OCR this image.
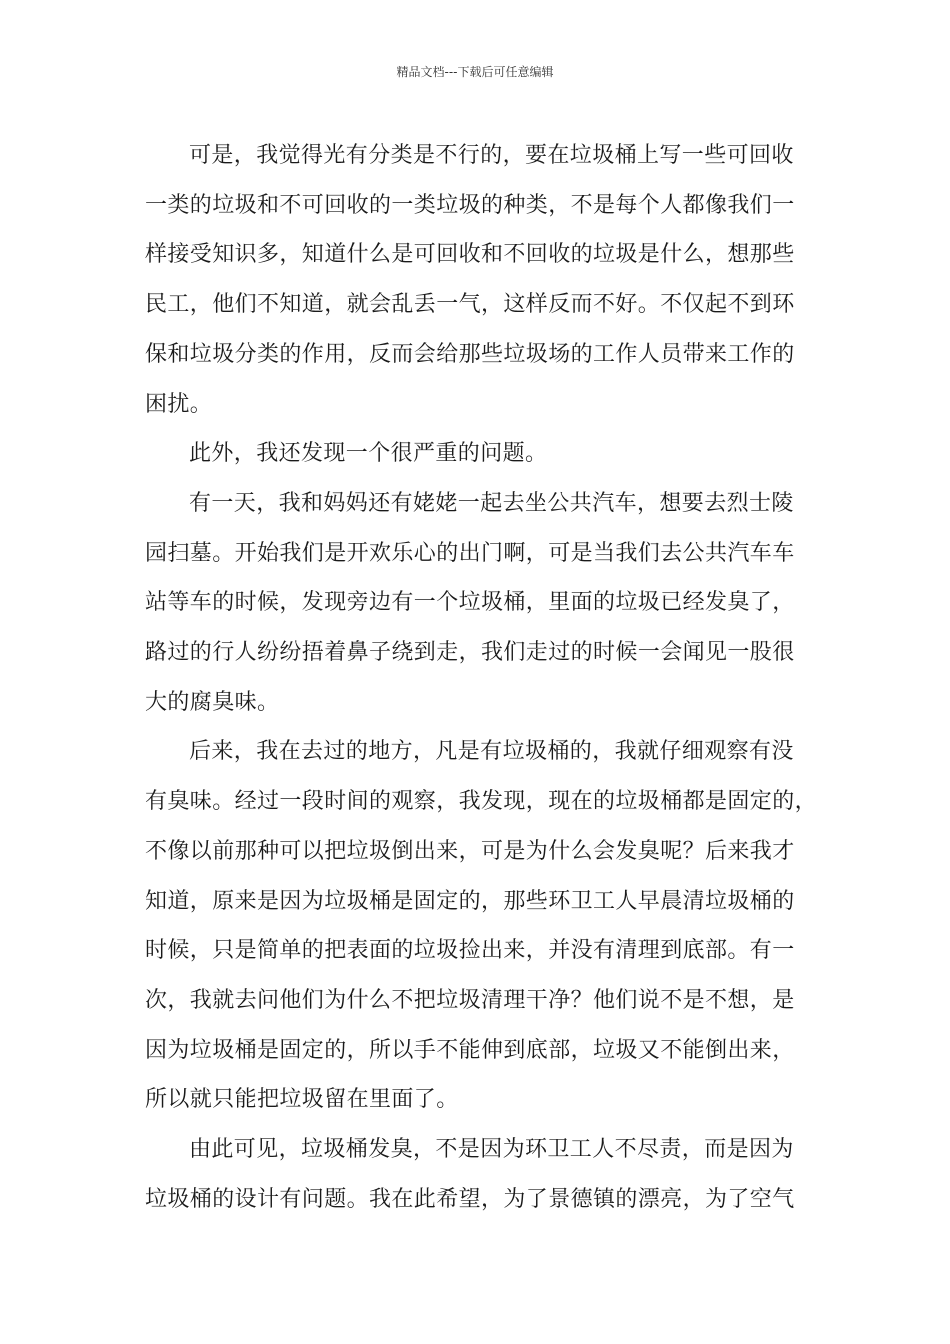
精品文档---下载后可任意编辑

可是，我觉得光有分类是不行的，要在垃圾桶上写一些可回收
一类的垃圾和不可回收的一类垃圾的种类，不是每个人都像我们一
样接受知识多，知道什么是可回收和不回收的垃圾是什么，想那些
民工，他们不知道，就会乱丢一气，这样反而不好。不仅起不到环
保和垃圾分类的作用，反而会给那些垃圾场的工作人员带来工作的
困扰。

此外，我还发现一个很严重的问题。

有一天，我和妈妈还有姥姥一起去坐公共汽车，想要去烈士陵
园扫墓。开始我们是开欢乐心的出门啊，可是当我们去公共汽车车
站等车的时候，发现旁边有一个垃圾桶，里面的垃圾已经发臭了，
路过的行人纷纷捂着鼻子绕到走，我们走过的时候一会闻见一股很
大的腐臭味。

后来，我在去过的地方，凡是有垃圾桶的，我就仔细观察有没
有臭味。经过一段时间的观察，我发现，现在的垃圾桶都是固定的，
不像以前那种可以把垃圾倒出来，可是为什么会发臭呢？后来我才
知道，原来是因为垃圾桶是固定的，那些环卫工人早晨清垃圾桶的
时候，只是简单的把表面的垃圾捡出来，并没有清理到底部。有一
次，我就去问他们为什么不把垃圾清理干净？他们说不是不想，是
因为垃圾桶是固定的，所以手不能伸到底部，垃圾又不能倒出来，
所以就只能把垃圾留在里面了。

由此可见，垃圾桶发臭，不是因为环卫工人不尽责，而是因为
垃圾桶的设计有问题。我在此希望，为了景德镇的漂亮，为了空气
